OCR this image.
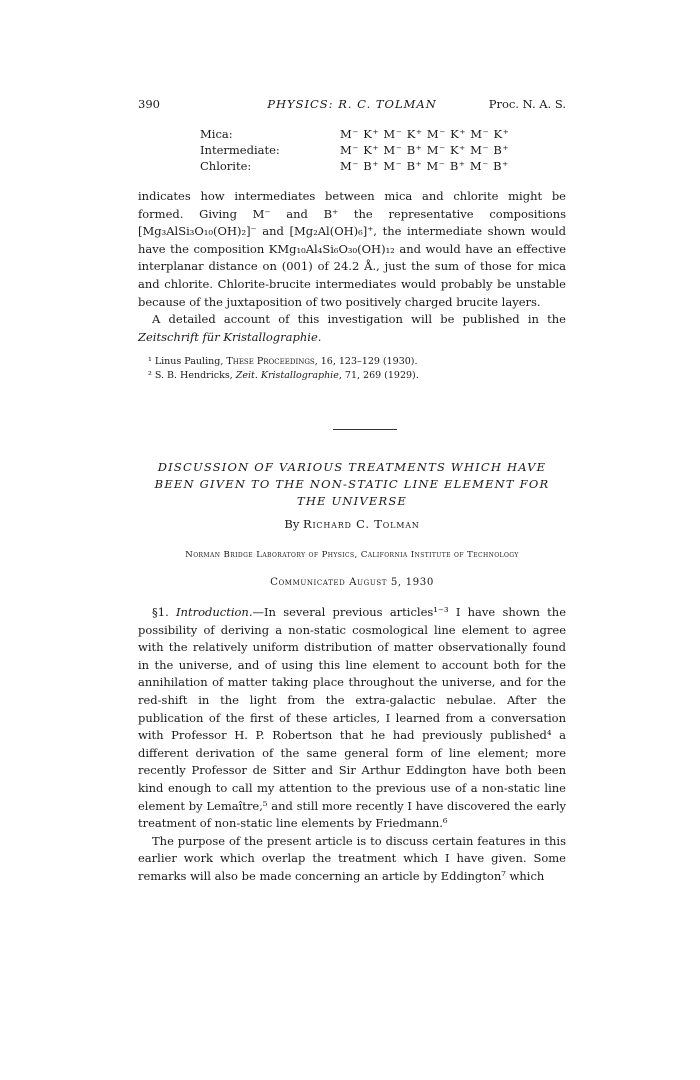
390	PHYSICS: R. C. TOLMAN	Proc. N. A. S.
Mica:	M⁻ K⁺ M⁻ K⁺ M⁻ K⁺ M⁻ K⁺
Intermediate:	M⁻ K⁺ M⁻ B⁺ M⁻ K⁺ M⁻ B⁺
Chlorite:	M⁻ B⁺ M⁻ B⁺ M⁻ B⁺ M⁻ B⁺

indicates how intermediates between mica and chlorite might be formed. Giving M⁻ and B⁺ the representative compositions [Mg₃AlSi₃O₁₀(OH)₂]⁻ and [Mg₂Al(OH)₆]⁺, the intermediate shown would have the composition KMg₁₀Al₄Si₆O₃₀(OH)₁₂ and would have an effective interplanar distance on (001) of 24.2 Å., just the sum of those for mica and chlorite. Chlorite-brucite intermediates would probably be unstable because of the juxtaposition of two positively charged brucite layers.

A detailed account of this investigation will be published in the Zeitschrift für Kristallographie.

¹ Linus Pauling, These Proceedings, 16, 123–129 (1930).

² S. B. Hendricks, Zeit. Kristallographie, 71, 269 (1929).

DISCUSSION OF VARIOUS TREATMENTS WHICH HAVE BEEN GIVEN TO THE NON-STATIC LINE ELEMENT FOR THE UNIVERSE
By Richard C. Tolman
Norman Bridge Laboratory of Physics, California Institute of Technology
Communicated August 5, 1930

§1. Introduction.—In several previous articles¹⁻³ I have shown the possibility of deriving a non-static cosmological line element to agree with the relatively uniform distribution of matter observationally found in the universe, and of using this line element to account both for the annihilation of matter taking place throughout the universe, and for the red-shift in the light from the extra-galactic nebulae. After the publication of the first of these articles, I learned from a conversation with Professor H. P. Robertson that he had previously published⁴ a different derivation of the same general form of line element; more recently Professor de Sitter and Sir Arthur Eddington have both been kind enough to call my attention to the previous use of a non-static line element by Lemaître,⁵ and still more recently I have discovered the early treatment of non-static line elements by Friedmann.⁶

The purpose of the present article is to discuss certain features in this earlier work which overlap the treatment which I have given. Some remarks will also be made concerning an article by Eddington⁷ which
